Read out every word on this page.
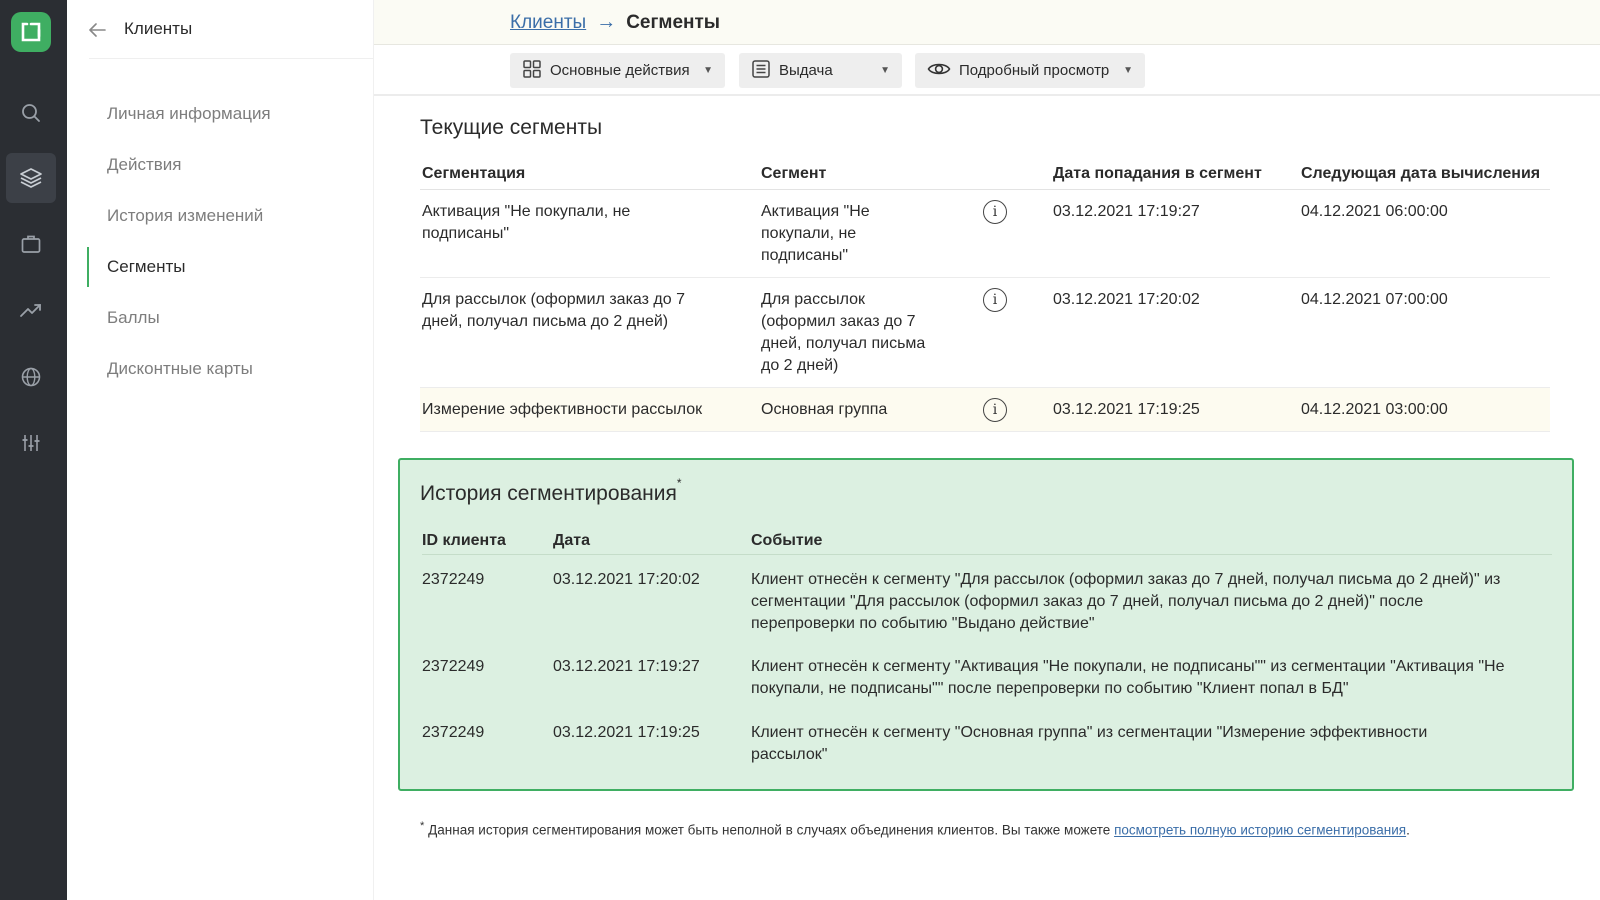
Клиенты
Личная информация
Действия
История изменений
Сегменты
Баллы
Дисконтные карты
Клиенты → Сегменты
Основные действия ▼	Выдача	▼	Подробный просмотр ▼
Текущие сегменты
Сегментация	Сегмент		Дата попадания в сегмент	Следующая дата вычисления

Активация "Не покупали, не подписаны"	Активация "Не покупали, не подписаны"	i	03.12.2021 17:19:27	04.12.2021 06:00:00

Для рассылок (оформил заказ до 7 дней, получал письма до 2 дней)	Для рассылок (оформил заказ до 7 дней, получал письма до 2 дней)	i	03.12.2021 17:20:02	04.12.2021 07:00:00
Измерение эффективности рассылок	Основная группа	i	03.12.2021 17:19:25	04.12.2021 03:00:00
История сегментирования*
ID клиента	Дата	Событие
2372249	03.12.2021 17:20:02	Клиент отнесён к сегменту "Для рассылок (оформил заказ до 7 дней, получал письма до 2 дней)" из сегментации "Для рассылок (оформил заказ до 7 дней, получал письма до 2 дней)" после перепроверки по событию "Выдано действие"

2372249	03.12.2021 17:19:27	Клиент отнесён к сегменту "Активация "Не покупали, не подписаны"" из сегментации "Активация "Не покупали, не подписаны"" после перепроверки по событию "Клиент попал в БД"

2372249	03.12.2021 17:19:25	Клиент отнесён к сегменту "Основная группа" из сегментации "Измерение эффективности рассылок"
* Данная история сегментирования может быть неполной в случаях объединения клиентов. Вы также можете посмотреть полную историю сегментирования.
